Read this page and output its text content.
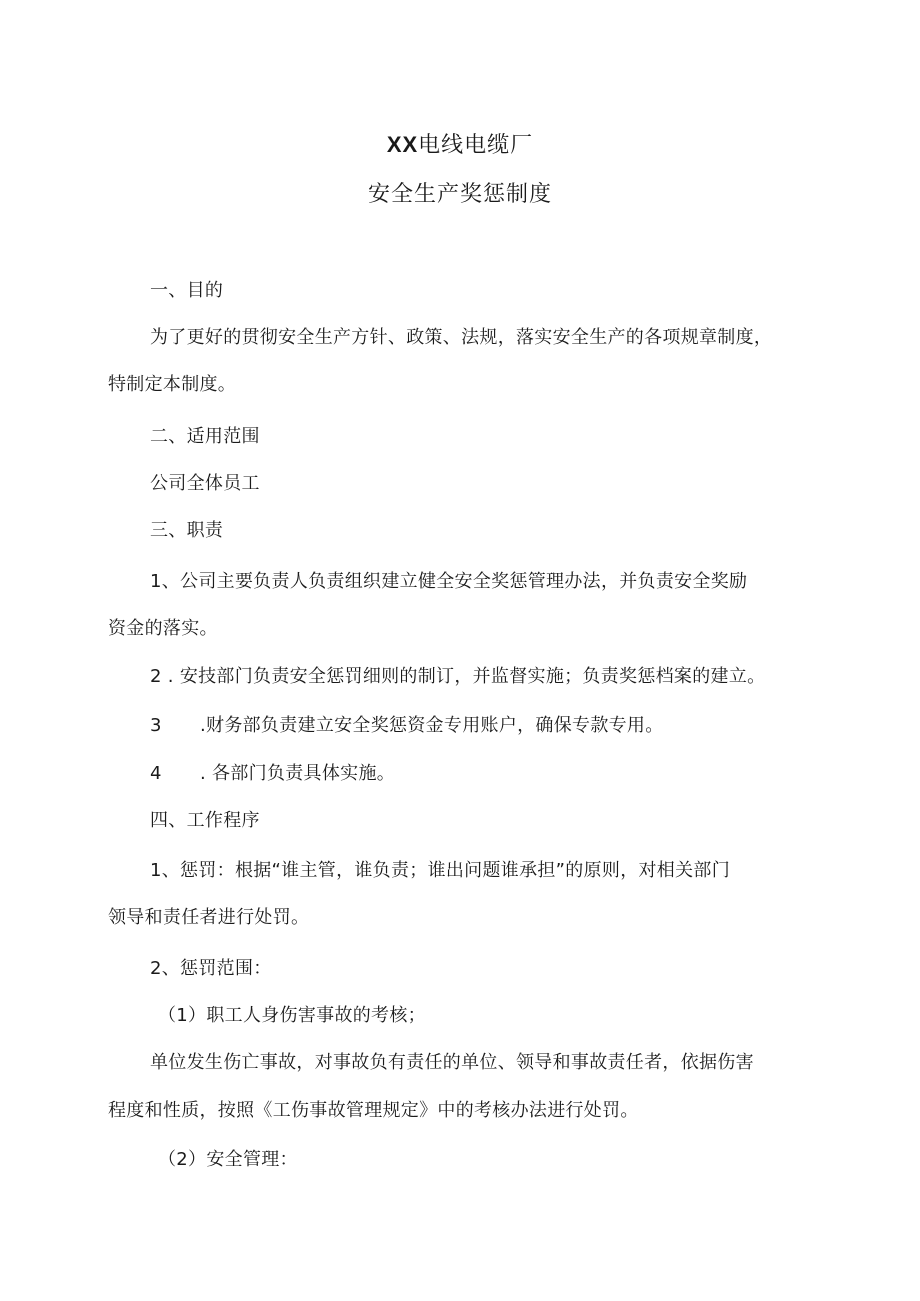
XX电线电缆厂
安全生产奖惩制度
一、目的
为了更好的贯彻安全生产方针、政策、法规，落实安全生产的各项规章制度，
特制定本制度。
二、适用范围
公司全体员工
三、职责
1、公司主要负责人负责组织建立健全安全奖惩管理办法，并负责安全奖励
资金的落实。
2 . 安技部门负责安全惩罚细则的制订，并监督实施；负责奖惩档案的建立。
3 .财务部负责建立安全奖惩资金专用账户，确保专款专用。
4 . 各部门负责具体实施。
四、工作程序
1、惩罚：根据“谁主管，谁负责；谁出问题谁承担”的原则，对相关部门
领导和责任者进行处罚。
2、惩罚范围：
（1）职工人身伤害事故的考核；
单位发生伤亡事故，对事故负有责任的单位、领导和事故责任者，依据伤害
程度和性质，按照《工伤事故管理规定》中的考核办法进行处罚。
（2）安全管理：
